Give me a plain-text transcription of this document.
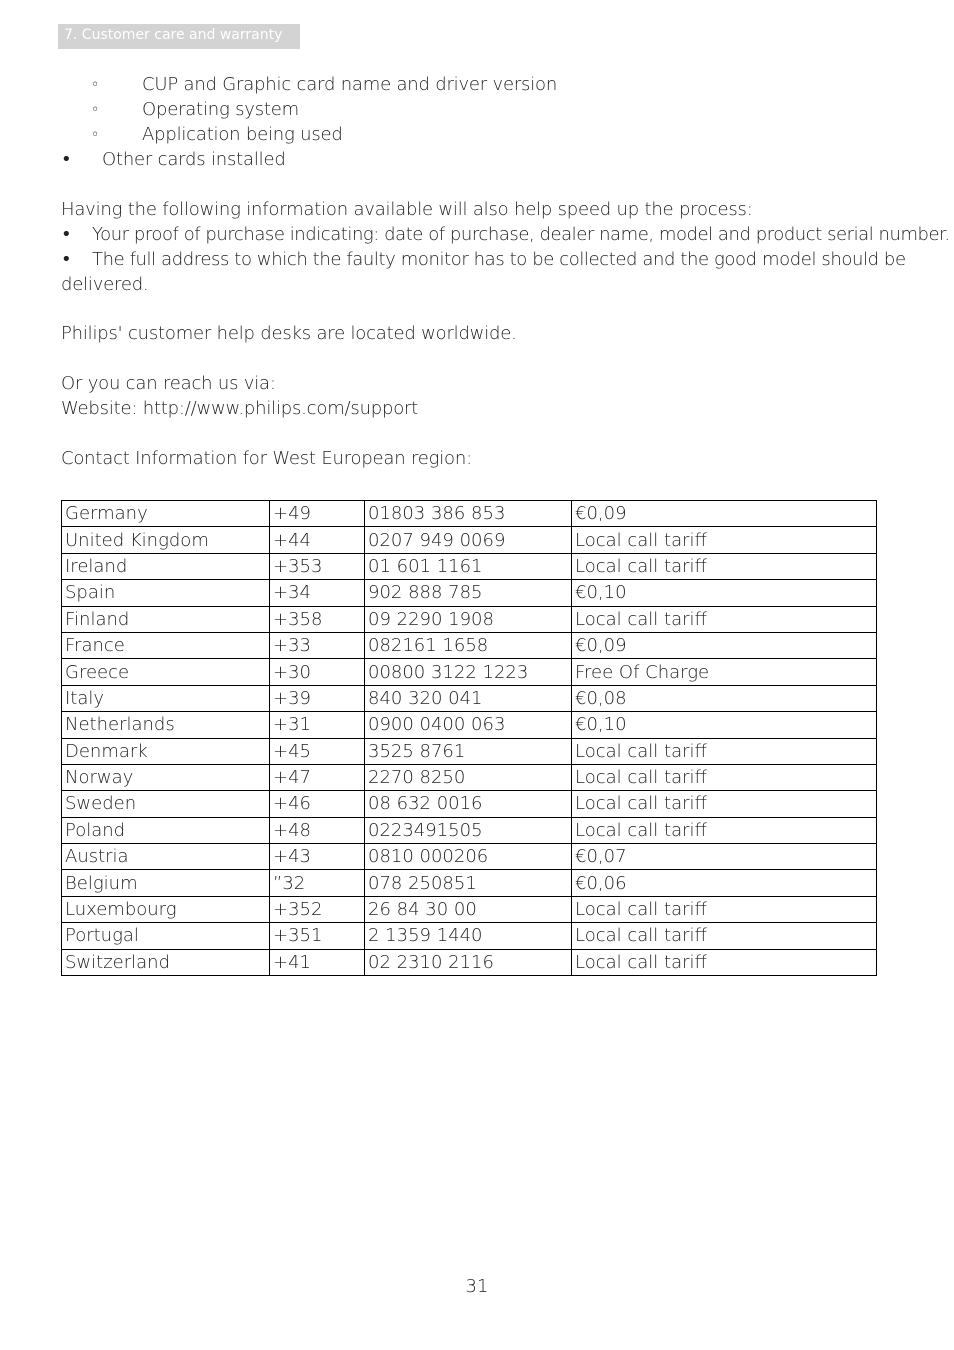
7. Customer care and warranty
◦ CUP and Graphic card name and driver version
◦ Operating system
◦ Application being used
• Other cards installed
Having the following information available will also help speed up the process:
• Your proof of purchase indicating: date of purchase, dealer name, model and product serial number.
• The full address to which the faulty monitor has to be collected and the good model should be
delivered.
Philips' customer help desks are located worldwide.
Or you can reach us via:
Website: http://www.philips.com/support
Contact Information for West European region:
Germany	+49	01803 386 853	€0,09
United Kingdom	+44	0207 949 0069	Local call tariff
Ireland	+353	01 601 1161	Local call tariff
Spain	+34	902 888 785	€0,10
Finland	+358	09 2290 1908	Local call tariff
France	+33	082161 1658	€0,09
Greece	+30	00800 3122 1223	Free Of Charge
Italy	+39	840 320 041	€0,08
Netherlands	+31	0900 0400 063	€0,10
Denmark	+45	3525 8761	Local call tariff
Norway	+47	2270 8250	Local call tariff
Sweden	+46	08 632 0016	Local call tariff
Poland	+48	0223491505	Local call tariff
Austria	+43	0810 000206	€0,07
Belgium	”32	078 250851	€0,06
Luxembourg	+352	26 84 30 00	Local call tariff
Portugal	+351	2 1359 1440	Local call tariff
Switzerland	+41	02 2310 2116	Local call tariff
31
